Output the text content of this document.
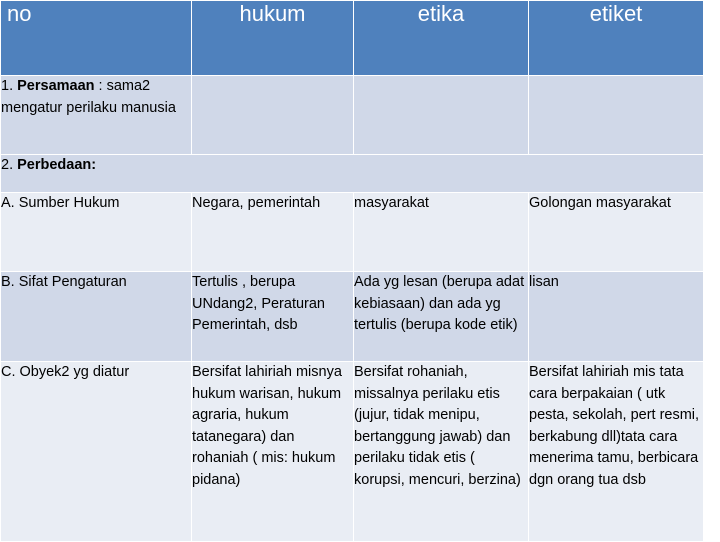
no	hukum	etika	etiket
1. Persamaan : sama2 mengatur perilaku manusia			
2. Perbedaan:			
A. Sumber Hukum	Negara, pemerintah	masyarakat	Golongan masyarakat
B. Sifat Pengaturan	Tertulis , berupa UNdang2, Peraturan Pemerintah, dsb	Ada yg lesan (berupa adat kebiasaan) dan ada yg tertulis (berupa kode etik)	lisan
C. Obyek2 yg diatur	Bersifat lahiriah misnya hukum warisan, hukum agraria, hukum tatanegara) dan rohaniah ( mis: hukum pidana)	Bersifat rohaniah, missalnya perilaku etis (jujur, tidak menipu, bertanggung jawab) dan perilaku tidak etis ( korupsi, mencuri, berzina)	Bersifat lahiriah mis tata cara berpakaian ( utk pesta, sekolah, pert resmi, berkabung dll)tata cara menerima tamu, berbicara dgn orang tua dsb
